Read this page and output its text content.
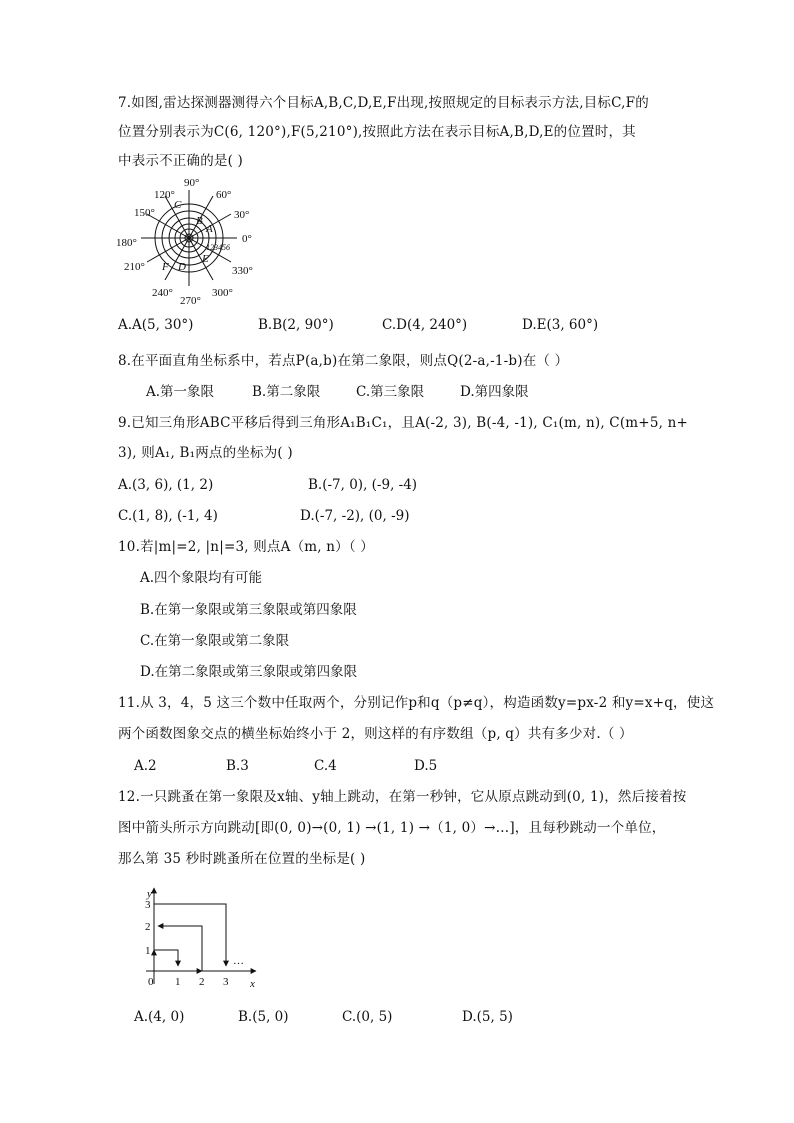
7.如图,雷达探测器测得六个目标A,B,C,D,E,F出现,按照规定的目标表示方法,目标C,F的
位置分别表示为C(6, 120°),F(5,210°),按照此方法在表示目标A,B,D,E的位置时，其
中表示不正确的是( )
90°
60°
120°
30°
150°
0°
180°
210°	330°
240°	300°
270°
C
F D
A
B
E
123456
A.A(5, 30°)	B.B(2, 90°)	C.D(4, 240°)	D.E(3, 60°)
8.在平面直角坐标系中，若点P(a,b)在第二象限，则点Q(2-a,-1-b)在（ ）
A.第一象限	B.第二象限	C.第三象限	D.第四象限
9.已知三角形ABC平移后得到三角形A₁B₁C₁，且A(-2, 3), B(-4, -1), C₁(m, n), C(m+5, n+
3), 则A₁, B₁两点的坐标为( )
A.(3, 6), (1, 2)	B.(-7, 0), (-9, -4)
C.(1, 8), (-1, 4)	D.(-7, -2), (0, -9)
10.若|m|=2, |n|=3, 则点A（m, n）（ ）
A.四个象限均有可能
B.在第一象限或第三象限或第四象限
C.在第一象限或第二象限
D.在第二象限或第三象限或第四象限
11.从 3，4，5 这三个数中任取两个，分别记作p和q（p≠q），构造函数y=px-2 和y=x+q，使这
两个函数图象交点的横坐标始终小于 2，则这样的有序数组（p, q）共有多少对.（ ）
A.2	B.3	C.4	D.5
12.一只跳蚤在第一象限及x轴、y轴上跳动，在第一秒钟，它从原点跳动到(0, 1)，然后接着按
图中箭头所示方向跳动[即(0, 0)→(0, 1) →(1, 1) →（1, 0）→…]，且每秒跳动一个单位，
那么第 35 秒时跳蚤所在位置的坐标是( )
y
x
0 1 2 3
1
2
3
…
A.(4, 0)	B.(5, 0)	C.(0, 5)	D.(5, 5)
